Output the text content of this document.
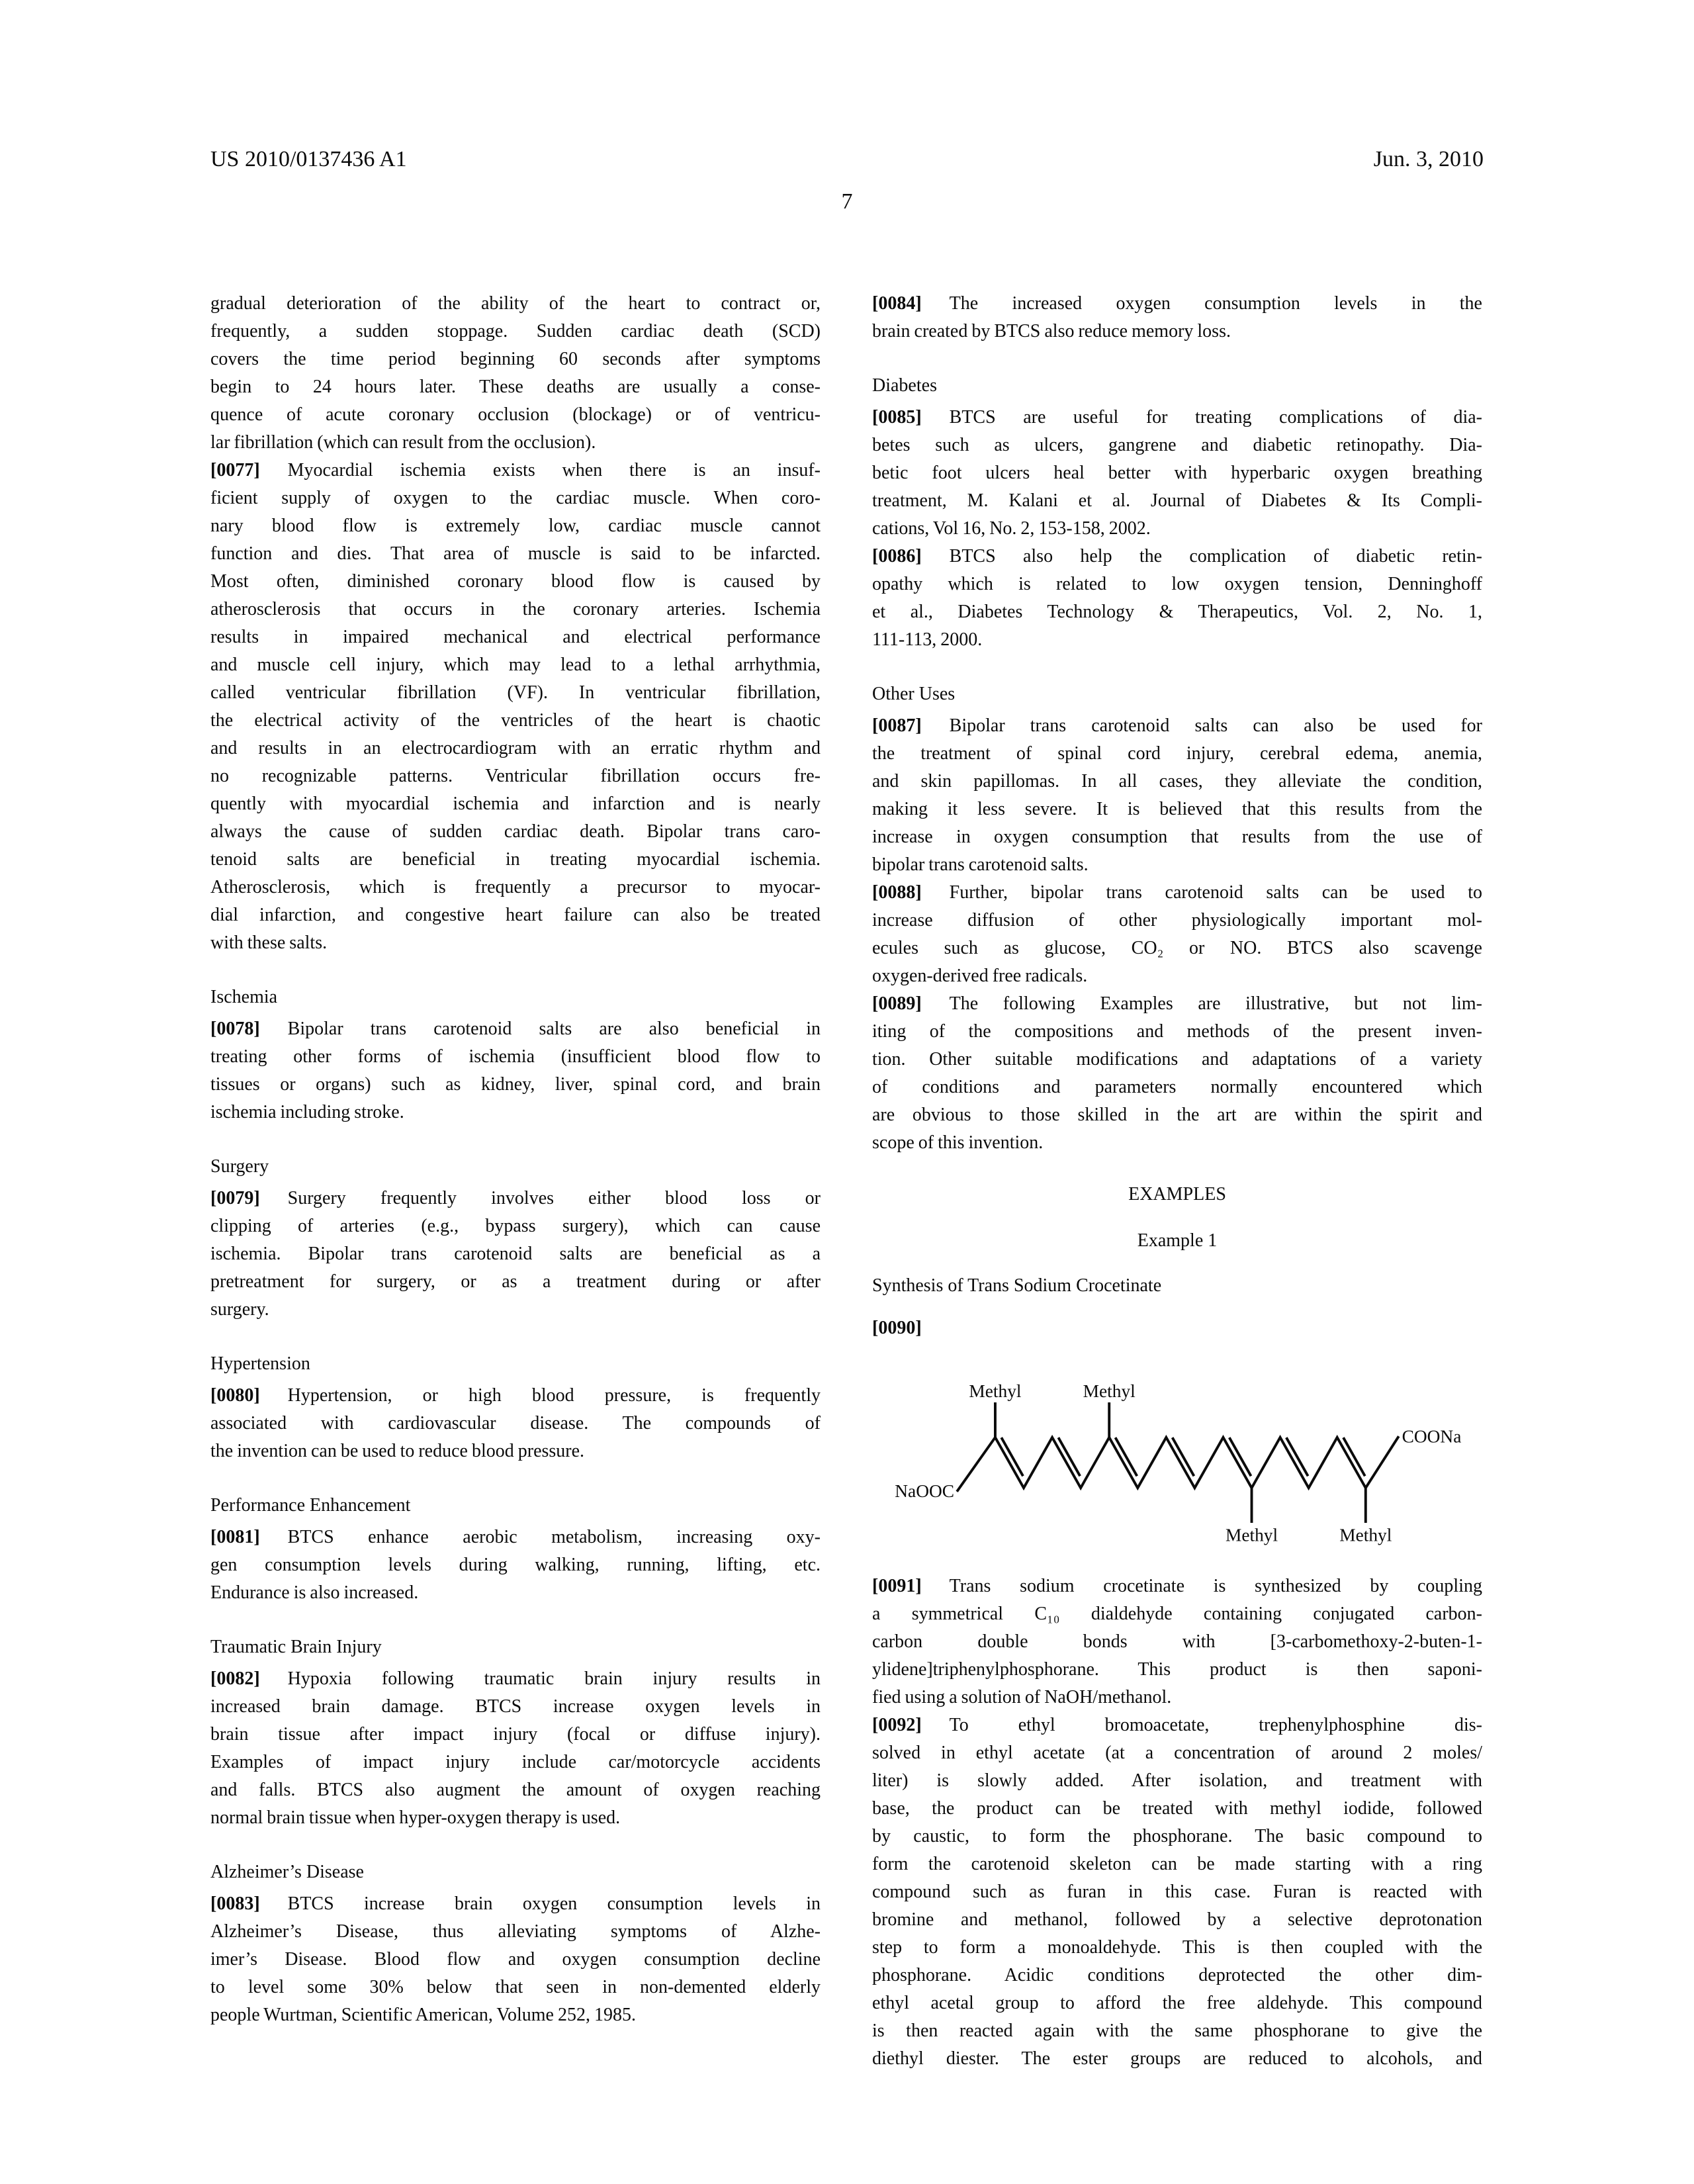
US 2010/0137436 A1	Jun. 3, 2010
7
gradual deterioration of the ability of the heart to contract or,
frequently, a sudden stoppage. Sudden cardiac death (SCD)
covers the time period beginning 60 seconds after symptoms
begin to 24 hours later. These deaths are usually a conse-
quence of acute coronary occlusion (blockage) or of ventricu-
lar fibrillation (which can result from the occlusion).
[0077] Myocardial ischemia exists when there is an insuf-
ficient supply of oxygen to the cardiac muscle. When coro-
nary blood flow is extremely low, cardiac muscle cannot
function and dies. That area of muscle is said to be infarcted.
Most often, diminished coronary blood flow is caused by
atherosclerosis that occurs in the coronary arteries. Ischemia
results in impaired mechanical and electrical performance
and muscle cell injury, which may lead to a lethal arrhythmia,
called ventricular fibrillation (VF). In ventricular fibrillation,
the electrical activity of the ventricles of the heart is chaotic
and results in an electrocardiogram with an erratic rhythm and
no recognizable patterns. Ventricular fibrillation occurs fre-
quently with myocardial ischemia and infarction and is nearly
always the cause of sudden cardiac death. Bipolar trans caro-
tenoid salts are beneficial in treating myocardial ischemia.
Atherosclerosis, which is frequently a precursor to myocar-
dial infarction, and congestive heart failure can also be treated
with these salts.
Ischemia
[0078] Bipolar trans carotenoid salts are also beneficial in
treating other forms of ischemia (insufficient blood flow to
tissues or organs) such as kidney, liver, spinal cord, and brain
ischemia including stroke.
Surgery
[0079] Surgery frequently involves either blood loss or
clipping of arteries (e.g., bypass surgery), which can cause
ischemia. Bipolar trans carotenoid salts are beneficial as a
pretreatment for surgery, or as a treatment during or after
surgery.
Hypertension
[0080] Hypertension, or high blood pressure, is frequently
associated with cardiovascular disease. The compounds of
the invention can be used to reduce blood pressure.
Performance Enhancement
[0081] BTCS enhance aerobic metabolism, increasing oxy-
gen consumption levels during walking, running, lifting, etc.
Endurance is also increased.
Traumatic Brain Injury
[0082] Hypoxia following traumatic brain injury results in
increased brain damage. BTCS increase oxygen levels in
brain tissue after impact injury (focal or diffuse injury).
Examples of impact injury include car/motorcycle accidents
and falls. BTCS also augment the amount of oxygen reaching
normal brain tissue when hyper-oxygen therapy is used.
Alzheimer’s Disease
[0083] BTCS increase brain oxygen consumption levels in
Alzheimer’s Disease, thus alleviating symptoms of Alzhe-
imer’s Disease. Blood flow and oxygen consumption decline
to level some 30% below that seen in non-demented elderly
people Wurtman, Scientific American, Volume 252, 1985.
[0084] The increased oxygen consumption levels in the
brain created by BTCS also reduce memory loss.
Diabetes
[0085] BTCS are useful for treating complications of dia-
betes such as ulcers, gangrene and diabetic retinopathy. Dia-
betic foot ulcers heal better with hyperbaric oxygen breathing
treatment, M. Kalani et al. Journal of Diabetes & Its Compli-
cations, Vol 16, No. 2, 153-158, 2002.
[0086] BTCS also help the complication of diabetic retin-
opathy which is related to low oxygen tension, Denninghoff
et al., Diabetes Technology & Therapeutics, Vol. 2, No. 1,
111-113, 2000.
Other Uses
[0087] Bipolar trans carotenoid salts can also be used for
the treatment of spinal cord injury, cerebral edema, anemia,
and skin papillomas. In all cases, they alleviate the condition,
making it less severe. It is believed that this results from the
increase in oxygen consumption that results from the use of
bipolar trans carotenoid salts.
[0088] Further, bipolar trans carotenoid salts can be used to
increase diffusion of other physiologically important mol-
ecules such as glucose, CO₂ or NO. BTCS also scavenge
oxygen-derived free radicals.
[0089] The following Examples are illustrative, but not lim-
iting of the compositions and methods of the present inven-
tion. Other suitable modifications and adaptations of a variety
of conditions and parameters normally encountered which
are obvious to those skilled in the art are within the spirit and
scope of this invention.
EXAMPLES
Example 1
Synthesis of Trans Sodium Crocetinate
[0090]
NaOOC
COONa
Methyl	Methyl
Methyl	Methyl
[0091] Trans sodium crocetinate is synthesized by coupling
a symmetrical C₁₀ dialdehyde containing conjugated carbon-
carbon double bonds with [3-carbomethoxy-2-buten-1-
ylidene]triphenylphosphorane. This product is then saponi-
fied using a solution of NaOH/methanol.
[0092] To ethyl bromoacetate, trephenylphosphine dis-
solved in ethyl acetate (at a concentration of around 2 moles/
liter) is slowly added. After isolation, and treatment with
base, the product can be treated with methyl iodide, followed
by caustic, to form the phosphorane. The basic compound to
form the carotenoid skeleton can be made starting with a ring
compound such as furan in this case. Furan is reacted with
bromine and methanol, followed by a selective deprotonation
step to form a monoaldehyde. This is then coupled with the
phosphorane. Acidic conditions deprotected the other dim-
ethyl acetal group to afford the free aldehyde. This compound
is then reacted again with the same phosphorane to give the
diethyl diester. The ester groups are reduced to alcohols, and
